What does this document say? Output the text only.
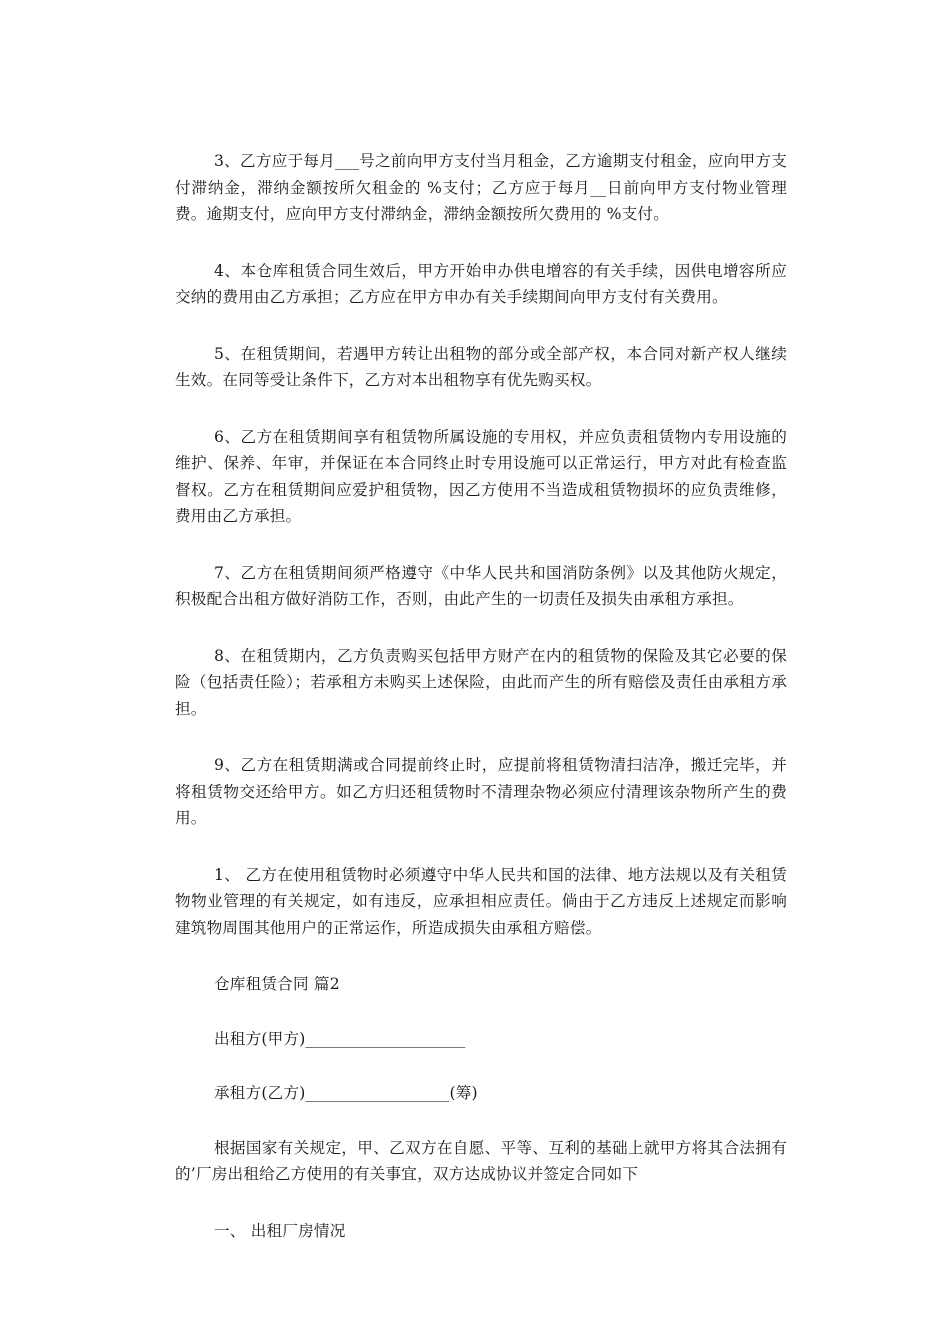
3、乙方应于每月___号之前向甲方支付当月租金，乙方逾期支付租金，应向甲方支付滞纳金，滞纳金额按所欠租金的 %支付；乙方应于每月__日前向甲方支付物业管理费。逾期支付，应向甲方支付滞纳金，滞纳金额按所欠费用的 %支付。

4、本仓库租赁合同生效后，甲方开始申办供电增容的有关手续，因供电增容所应交纳的费用由乙方承担；乙方应在甲方申办有关手续期间向甲方支付有关费用。

5、在租赁期间，若遇甲方转让出租物的部分或全部产权，本合同对新产权人继续生效。在同等受让条件下，乙方对本出租物享有优先购买权。

6、乙方在租赁期间享有租赁物所属设施的专用权，并应负责租赁物内专用设施的维护、保养、年审，并保证在本合同终止时专用设施可以正常运行，甲方对此有检查监督权。乙方在租赁期间应爱护租赁物，因乙方使用不当造成租赁物损坏的应负责维修，费用由乙方承担。

7、乙方在租赁期间须严格遵守《中华人民共和国消防条例》以及其他防火规定，积极配合出租方做好消防工作，否则，由此产生的一切责任及损失由承租方承担。

8、在租赁期内，乙方负责购买包括甲方财产在内的租赁物的保险及其它必要的保险（包括责任险）；若承租方未购买上述保险，由此而产生的所有赔偿及责任由承租方承担。

9、乙方在租赁期满或合同提前终止时，应提前将租赁物清扫洁净，搬迁完毕，并将租赁物交还给甲方。如乙方归还租赁物时不清理杂物必须应付清理该杂物所产生的费用。

1、 乙方在使用租赁物时必须遵守中华人民共和国的法律、地方法规以及有关租赁物物业管理的有关规定，如有违反，应承担相应责任。倘由于乙方违反上述规定而影响建筑物周围其他用户的正常运作，所造成损失由承租方赔偿。

仓库租赁合同 篇2

出租方(甲方)____________________

承租方(乙方)__________________(筹)

根据国家有关规定，甲、乙双方在自愿、平等、互利的基础上就甲方将其合法拥有的’厂房出租给乙方使用的有关事宜，双方达成协议并签定合同如下

一、 出租厂房情况
